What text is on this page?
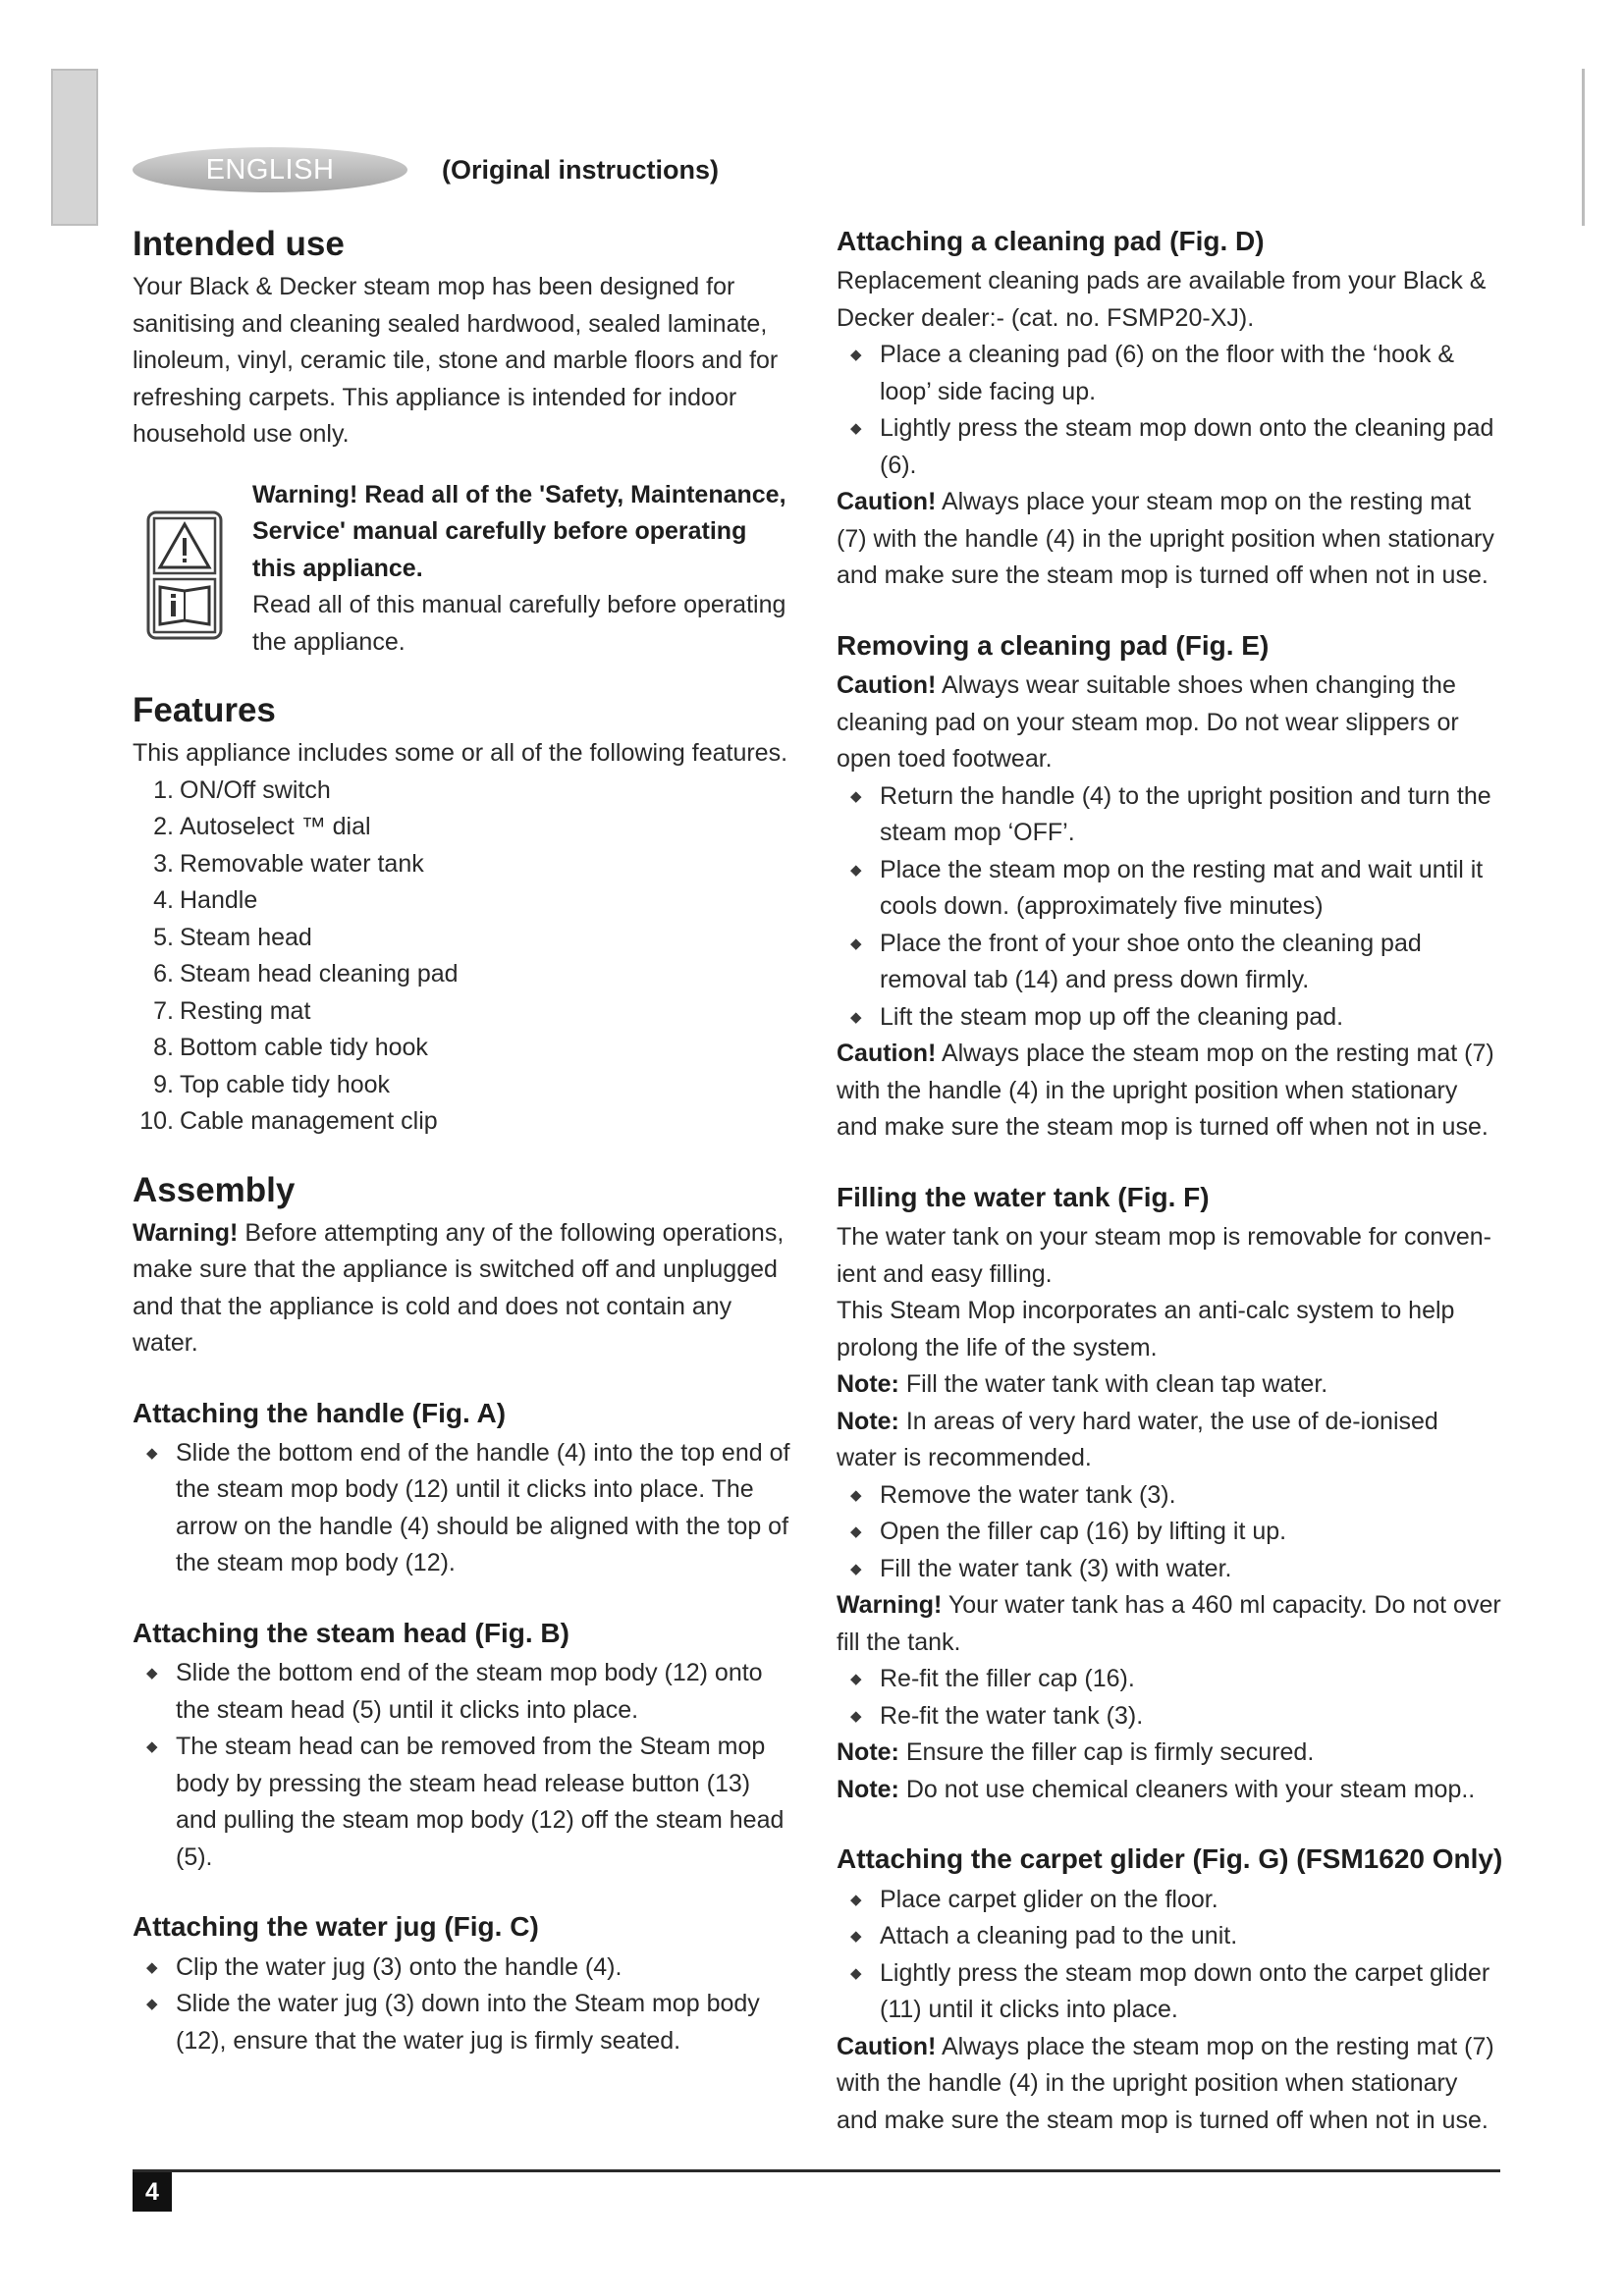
ENGLISH	(Original instructions)
Intended use

Your Black & Decker steam mop has been designed for sanitising and cleaning sealed hardwood, sealed laminate, linoleum, vinyl, ceramic tile, stone and marble floors and for refreshing carpets. This appliance is intended for indoor household use only.

Warning! Read all of the 'Safety, Maintenance, Service' manual carefully before operating this appliance.

Read all of this manual carefully before operating the appliance.

Features

This appliance includes some or all of the following features.

1. ON/Off switch
2. Autoselect ™ dial
3. Removable water tank
4. Handle
5. Steam head
6. Steam head cleaning pad
7. Resting mat
8. Bottom cable tidy hook
9. Top cable tidy hook
10. Cable management clip
Assembly

Warning! Before attempting any of the following operations, make sure that the appliance is switched off and unplugged and that the appliance is cold and does not contain any water.

Attaching the handle (Fig. A)
◆ Slide the bottom end of the handle (4) into the top end of the steam mop body (12) until it clicks into place. The arrow on the handle (4) should be aligned with the top of the steam mop body (12).
Attaching the steam head (Fig. B)
◆ Slide the bottom end of the steam mop body (12) onto the steam head (5) until it clicks into place.
◆ The steam head can be removed from the Steam mop body by pressing the steam head release button (13) and pulling the steam mop body (12) off the steam head (5).
Attaching the water jug (Fig. C)
◆ Clip the water jug (3) onto the handle (4).
◆ Slide the water jug (3) down into the Steam mop body (12), ensure that the water jug is firmly seated.
Attaching a cleaning pad (Fig. D)

Replacement cleaning pads are available from your Black & Decker dealer:- (cat. no. FSMP20-XJ).

◆ Place a cleaning pad (6) on the floor with the ‘hook & loop’ side facing up.
◆ Lightly press the steam mop down onto the cleaning pad (6).

Caution! Always place your steam mop on the resting mat (7) with the handle (4) in the upright position when stationary and make sure the steam mop is turned off when not in use.

Removing a cleaning pad (Fig. E)

Caution! Always wear suitable shoes when changing the cleaning pad on your steam mop. Do not wear slippers or open toed footwear.

◆ Return the handle (4) to the upright position and turn the steam mop ‘OFF’.
◆ Place the steam mop on the resting mat and wait until it cools down. (approximately five minutes)
◆ Place the front of your shoe onto the cleaning pad removal tab (14) and press down firmly.
◆ Lift the steam mop up off the cleaning pad.

Caution! Always place the steam mop on the resting mat (7) with the handle (4) in the upright position when stationary and make sure the steam mop is turned off when not in use.

Filling the water tank (Fig. F)

The water tank on your steam mop is removable for conven-ient and easy filling.

This Steam Mop incorporates an anti-calc system to help prolong the life of the system.

Note: Fill the water tank with clean tap water.

Note: In areas of very hard water, the use of de-ionised water is recommended.

◆ Remove the water tank (3).
◆ Open the filler cap (16) by lifting it up.
◆ Fill the water tank (3) with water.

Warning! Your water tank has a 460 ml capacity. Do not over fill the tank.

◆ Re-fit the filler cap (16).
◆ Re-fit the water tank (3).

Note: Ensure the filler cap is firmly secured.

Note: Do not use chemical cleaners with your steam mop..

Attaching the carpet glider (Fig. G) (FSM1620 Only)
◆ Place carpet glider on the floor.
◆ Attach a cleaning pad to the unit.
◆ Lightly press the steam mop down onto the carpet glider (11) until it clicks into place.

Caution! Always place the steam mop on the resting mat (7) with the handle (4) in the upright position when stationary and make sure the steam mop is turned off when not in use.

4
